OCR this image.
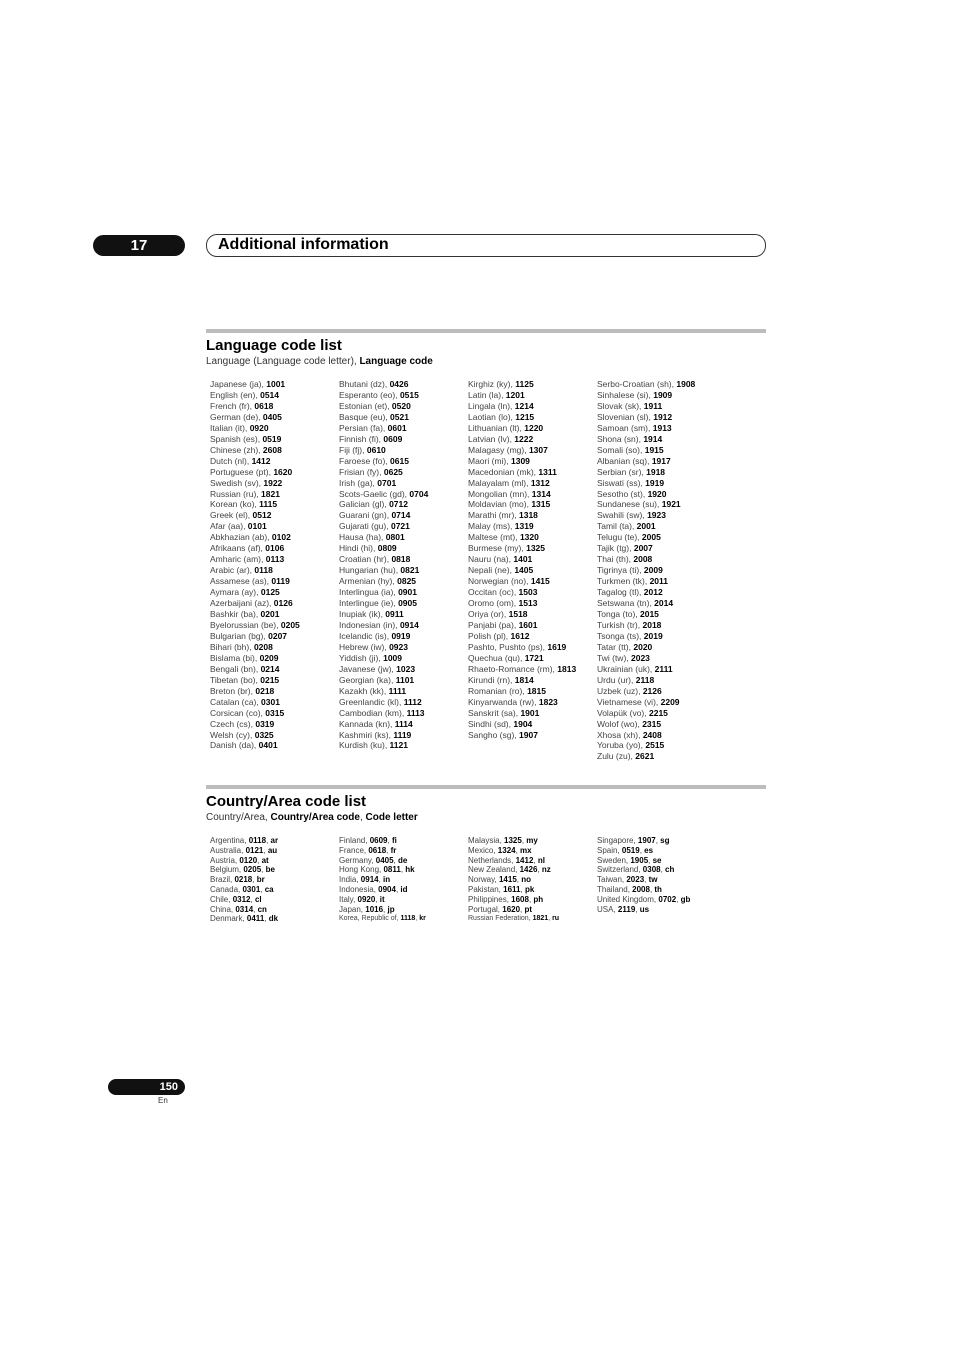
17	Additional information
Language code list
Language (Language code letter), Language code
Japanese (ja), 1001
English (en), 0514
French (fr), 0618
German (de), 0405
Italian (it), 0920
Spanish (es), 0519
Chinese (zh), 2608
Dutch (nl), 1412
Portuguese (pt), 1620
Swedish (sv), 1922
Russian (ru), 1821
Korean (ko), 1115
Greek (el), 0512
Afar (aa), 0101
Abkhazian (ab), 0102
Afrikaans (af), 0106
Amharic (am), 0113
Arabic (ar), 0118
Assamese (as), 0119
Aymara (ay), 0125
Azerbaijani (az), 0126
Bashkir (ba), 0201
Byelorussian (be), 0205
Bulgarian (bg), 0207
Bihari (bh), 0208
Bislama (bi), 0209
Bengali (bn), 0214
Tibetan (bo), 0215
Breton (br), 0218
Catalan (ca), 0301
Corsican (co), 0315
Czech (cs), 0319
Welsh (cy), 0325
Danish (da), 0401
Bhutani (dz), 0426
Esperanto (eo), 0515
Estonian (et), 0520
Basque (eu), 0521
Persian (fa), 0601
Finnish (fi), 0609
Fiji (fj), 0610
Faroese (fo), 0615
Frisian (fy), 0625
Irish (ga), 0701
Scots-Gaelic (gd), 0704
Galician (gl), 0712
Guarani (gn), 0714
Gujarati (gu), 0721
Hausa (ha), 0801
Hindi (hi), 0809
Croatian (hr), 0818
Hungarian (hu), 0821
Armenian (hy), 0825
Interlingua (ia), 0901
Interlingue (ie), 0905
Inupiak (ik), 0911
Indonesian (in), 0914
Icelandic (is), 0919
Hebrew (iw), 0923
Yiddish (ji), 1009
Javanese (jw), 1023
Georgian (ka), 1101
Kazakh (kk), 1111
Greenlandic (kl), 1112
Cambodian (km), 1113
Kannada (kn), 1114
Kashmiri (ks), 1119
Kurdish (ku), 1121
Kirghiz (ky), 1125
Latin (la), 1201
Lingala (ln), 1214
Laotian (lo), 1215
Lithuanian (lt), 1220
Latvian (lv), 1222
Malagasy (mg), 1307
Maori (mi), 1309
Macedonian (mk), 1311
Malayalam (ml), 1312
Mongolian (mn), 1314
Moldavian (mo), 1315
Marathi (mr), 1318
Malay (ms), 1319
Maltese (mt), 1320
Burmese (my), 1325
Nauru (na), 1401
Nepali (ne), 1405
Norwegian (no), 1415
Occitan (oc), 1503
Oromo (om), 1513
Oriya (or), 1518
Panjabi (pa), 1601
Polish (pl), 1612
Pashto, Pushto (ps), 1619
Quechua (qu), 1721
Rhaeto-Romance (rm), 1813
Kirundi (rn), 1814
Romanian (ro), 1815
Kinyarwanda (rw), 1823
Sanskrit (sa), 1901
Sindhi (sd), 1904
Sangho (sg), 1907
Serbo-Croatian (sh), 1908
Sinhalese (si), 1909
Slovak (sk), 1911
Slovenian (sl), 1912
Samoan (sm), 1913
Shona (sn), 1914
Somali (so), 1915
Albanian (sq), 1917
Serbian (sr), 1918
Siswati (ss), 1919
Sesotho (st), 1920
Sundanese (su), 1921
Swahili (sw), 1923
Tamil (ta), 2001
Telugu (te), 2005
Tajik (tg), 2007
Thai (th), 2008
Tigrinya (ti), 2009
Turkmen (tk), 2011
Tagalog (tl), 2012
Setswana (tn), 2014
Tonga (to), 2015
Turkish (tr), 2018
Tsonga (ts), 2019
Tatar (tt), 2020
Twi (tw), 2023
Ukrainian (uk), 2111
Urdu (ur), 2118
Uzbek (uz), 2126
Vietnamese (vi), 2209
Volapük (vo), 2215
Wolof (wo), 2315
Xhosa (xh), 2408
Yoruba (yo), 2515
Zulu (zu), 2621
Country/Area code list
Country/Area, Country/Area code, Code letter
Argentina, 0118, ar
Australia, 0121, au
Austria, 0120, at
Belgium, 0205, be
Brazil, 0218, br
Canada, 0301, ca
Chile, 0312, cl
China, 0314, cn
Denmark, 0411, dk
Finland, 0609, fi
France, 0618, fr
Germany, 0405, de
Hong Kong, 0811, hk
India, 0914, in
Indonesia, 0904, id
Italy, 0920, it
Japan, 1016, jp
Korea, Republic of, 1118, kr
Malaysia, 1325, my
Mexico, 1324, mx
Netherlands, 1412, nl
New Zealand, 1426, nz
Norway, 1415, no
Pakistan, 1611, pk
Philippines, 1608, ph
Portugal, 1620, pt
Russian Federation, 1821, ru
Singapore, 1907, sg
Spain, 0519, es
Sweden, 1905, se
Switzerland, 0308, ch
Taiwan, 2023, tw
Thailand, 2008, th
United Kingdom, 0702, gb
USA, 2119, us
150
En
